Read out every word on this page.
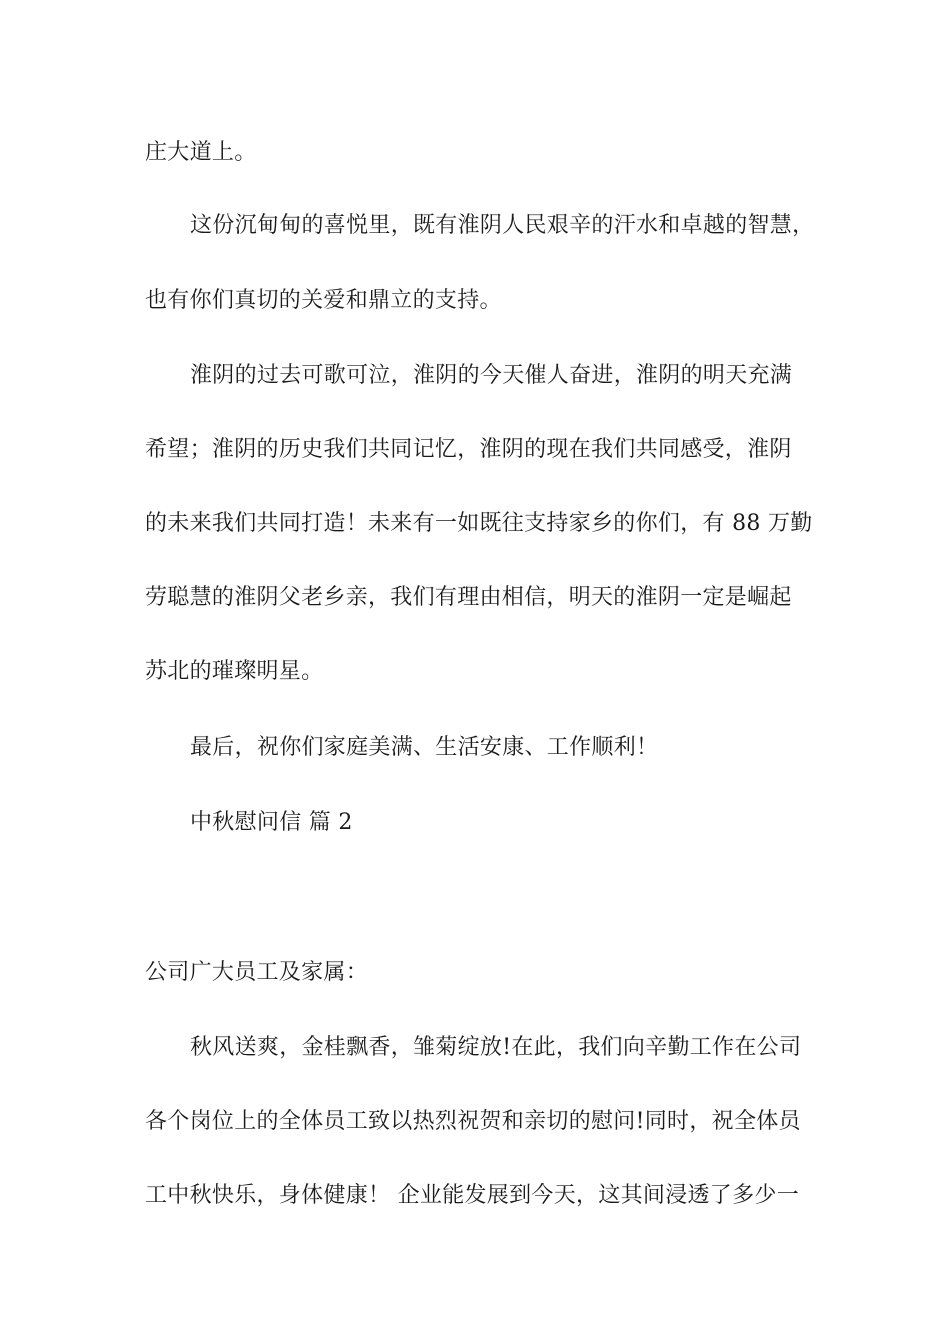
庄大道上。
这份沉甸甸的喜悦里，既有淮阴人民艰辛的汗水和卓越的智慧，
也有你们真切的关爱和鼎立的支持。
淮阴的过去可歌可泣，淮阴的今天催人奋进，淮阴的明天充满
希望；淮阴的历史我们共同记忆，淮阴的现在我们共同感受，淮阴
的未来我们共同打造！未来有一如既往支持家乡的你们，有 88 万勤
劳聪慧的淮阴父老乡亲，我们有理由相信，明天的淮阴一定是崛起
苏北的璀璨明星。
最后，祝你们家庭美满、生活安康、工作顺利！
中秋慰问信 篇 2
公司广大员工及家属：
秋风送爽，金桂飘香，雏菊绽放!在此，我们向辛勤工作在公司
各个岗位上的全体员工致以热烈祝贺和亲切的慰问!同时，祝全体员
工中秋快乐，身体健康！ 企业能发展到今天，这其间浸透了多少一
